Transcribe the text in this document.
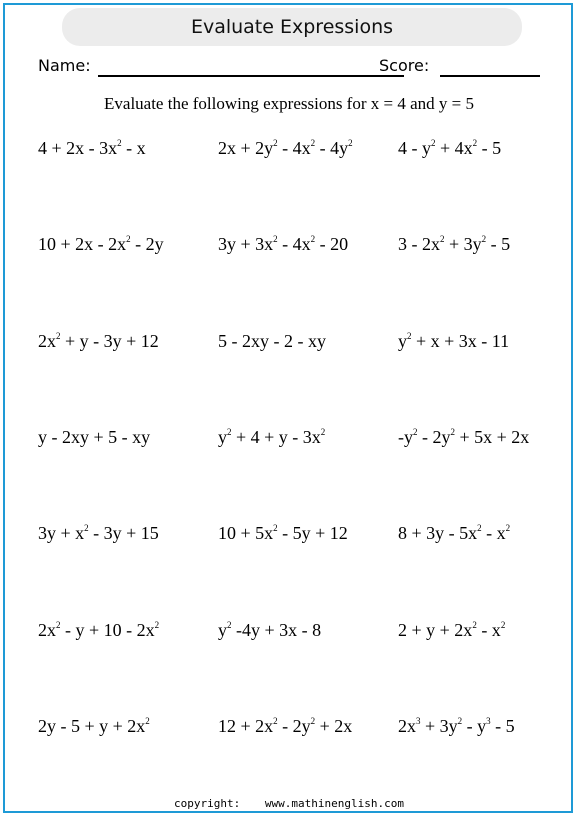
Evaluate Expressions
Name:	Score:
Evaluate the following expressions for x = 4 and y = 5
$4 + 2x - 3x^2 - x$	$2x + 2y^2 - 4x^2 - 4y^2$	$4 - y^2 + 4x^2 - 5$
$10 + 2x - 2x^2 - 2y$	$3y + 3x^2 - 4x^2 - 20$	$3 - 2x^2 + 3y^2 - 5$
$2x^2 + y - 3y + 12$	5 - 2xy - 2 - xy	$y^2 + x + 3x - 11$
y - 2xy + 5 - xy	$y^2 + 4 + y - 3x^2$	$-y^2 - 2y^2 + 5x + 2x$
$3y + x^2 - 3y + 15$	$10 + 5x^2 - 5y + 12$	$8 + 3y - 5x^2 - x^2$
$2x^2 - y + 10 - 2x^2$	$y^2$ -4y + 3x - 8	$2 + y + 2x^2 - x^2$
$2y - 5 + y + 2x^2$	$12 + 2x^2 - 2y^2 + 2x$	$2x^3 + 3y^2 - y^3 - 5$
copyright: www.mathinenglish.com
